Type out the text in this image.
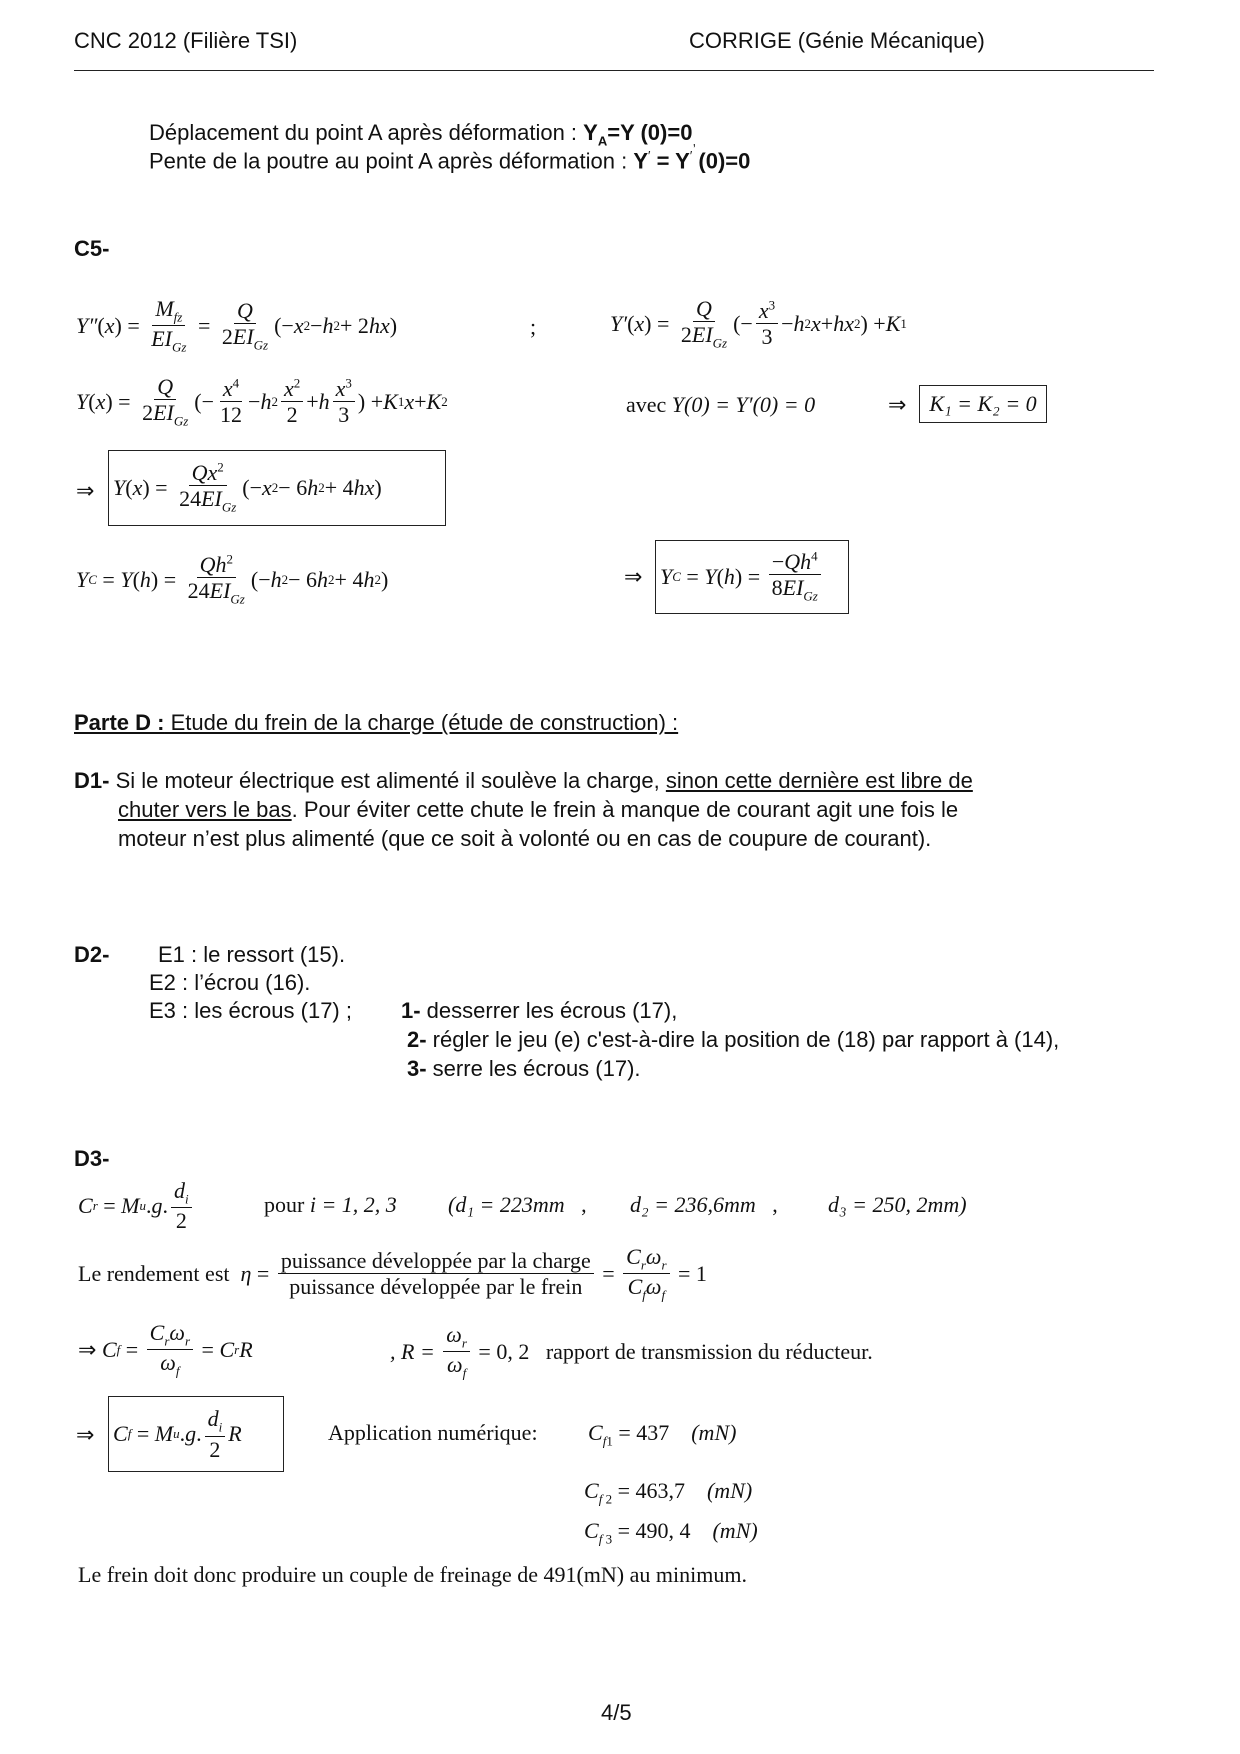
CNC 2012 (Filière TSI)	CORRIGE (Génie Mécanique)
Déplacement du point A après déformation : $Y_A=Y$ $(0)=0_,$
Pente de la poutre au point A après déformation : Y′ = Y′ (0)=0
C5-
Y″ ( x ) = $\frac{M_{fz}}{EI_{Gz}} = \frac{Q}{2EI_{Gz}}$ (− x 2 − h 2 + 2 hx )	;	Y′ ( x ) = $\frac{Q}{2EI_{Gz}}$ (− $\frac{x^3}{3} - h$ 2 x + hx 2 ) + K 1
Y ( x ) = $\frac{Q}{2EI_{Gz}}$ (− $\frac{x^4}{12} - h$ $2 \frac{x^2}{2} + h \frac{x^3}{3}$ ) + K 1 x + K 2	avec Y(0) = Y′(0) = 0	⇒	K₁ = K₂ = 0
⇒ Y ( x ) = $\frac{Qx^2}{24EI_{Gz}}$ (− x 2 − 6 h 2 + 4 hx )
Y C = Y ( h ) = $\frac{Qh^2}{24EI_{Gz}}$ (− h 2 − 6 h 2 + 4 h 2 )	⇒ Y C = Y ( h ) = $\frac{-Qh^4}{8EI_{Gz}}$
Parte D : Etude du frein de la charge (étude de construction) :
D1- Si le moteur électrique est alimenté il soulève la charge, sinon cette dernière est libre de
chuter vers le bas. Pour éviter cette chute le frein à manque de courant agit une fois le
moteur n’est plus alimenté (que ce soit à volonté ou en cas de coupure de courant).
D2- E1 : le ressort (15).
E2 : l’écrou (16).
E3 : les écrous (17) ; 1- desserrer les écrous (17),
2- régler le jeu (e) c'est-à-dire la position de (18) par rapport à (14),
3- serre les écrous (17).
D3-
C r = M u . g . $\frac{d_i}{2}$	pour i = 1, 2, 3 (d₁ = 223mm   , d₂ = 236,6mm   , d₃ = 250, 2mm)
Le rendement est
$\eta = \frac{\text{puissance développée par la charge}}{\text{puissance développée par le frein}} = \frac{C_r\omega_r}{C_f\omega_f} = 1$
⇒ C $f = \frac{C_r\omega_r}{\omega_f} = C$ r R	, R =
$\frac{\omega_r}{\omega_f}$
= 0, 2
rapport de transmission du réducteur.
⇒ C f = M u . g . $\frac{d_i}{2}$ R	Application numérique: $C_{f1} = 437$ (mN)
$C_{f 2} = 463,7$ (mN)
$C_{f 3} = 490$, 4 (mN)
Le frein doit donc produire un couple de freinage de 491(mN) au minimum.
4/5
